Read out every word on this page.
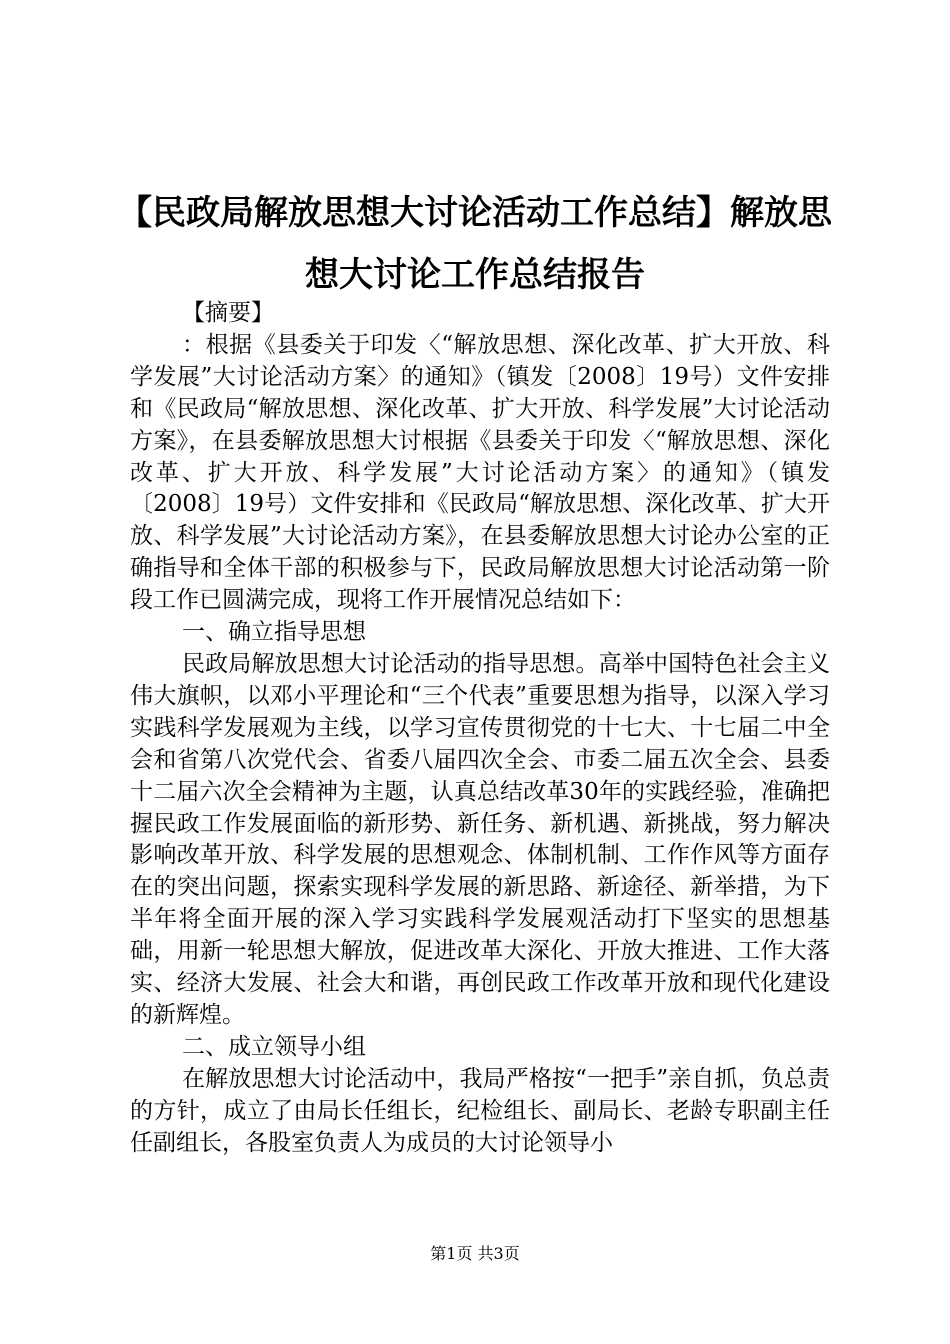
【民政局解放思想大讨论活动工作总结】解放思想大讨论工作总结报告

【摘要】

：根据《县委关于印发〈“解放思想、深化改革、扩大开放、科学发展”大讨论活动方案〉的通知》（镇发〔2008〕19号）文件安排和《民政局“解放思想、深化改革、扩大开放、科学发展”大讨论活动方案》，在县委解放思想大讨根据《县委关于印发〈“解放思想、深化改革、扩大开放、科学发展”大讨论活动方案〉的通知》（镇发〔2008〕19号）文件安排和《民政局“解放思想、深化改革、扩大开放、科学发展”大讨论活动方案》，在县委解放思想大讨论办公室的正确指导和全体干部的积极参与下，民政局解放思想大讨论活动第一阶段工作已圆满完成，现将工作开展情况总结如下：

一、确立指导思想

民政局解放思想大讨论活动的指导思想。高举中国特色社会主义伟大旗帜，以邓小平理论和“三个代表”重要思想为指导，以深入学习实践科学发展观为主线，以学习宣传贯彻党的十七大、十七届二中全会和省第八次党代会、省委八届四次全会、市委二届五次全会、县委十二届六次全会精神为主题，认真总结改革30年的实践经验，准确把握民政工作发展面临的新形势、新任务、新机遇、新挑战，努力解决影响改革开放、科学发展的思想观念、体制机制、工作作风等方面存在的突出问题，探索实现科学发展的新思路、新途径、新举措，为下半年将全面开展的深入学习实践科学发展观活动打下坚实的思想基础，用新一轮思想大解放，促进改革大深化、开放大推进、工作大落实、经济大发展、社会大和谐，再创民政工作改革开放和现代化建设的新辉煌。

二、成立领导小组

在解放思想大讨论活动中，我局严格按“一把手”亲自抓，负总责的方针，成立了由局长任组长，纪检组长、副局长、老龄专职副主任任副组长，各股室负责人为成员的大讨论领导小

第1页 共3页
